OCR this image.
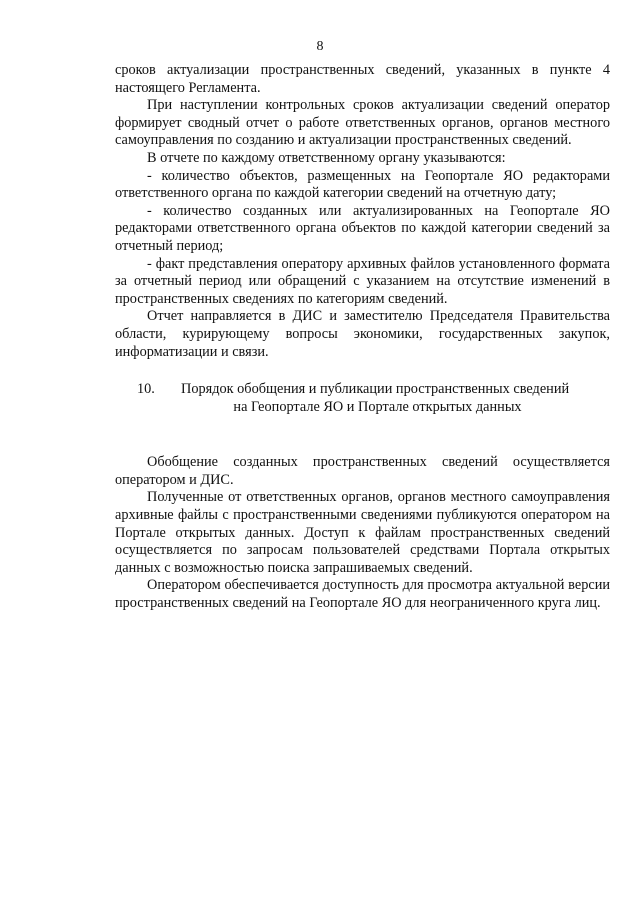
8

сроков актуализации пространственных сведений, указанных в пункте 4 настоящего Регламента.

При наступлении контрольных сроков актуализации сведений оператор формирует сводный отчет о работе ответственных органов, органов местного самоуправления по созданию и актуализации пространственных сведений.

В отчете по каждому ответственному органу указываются:

- количество объектов, размещенных на Геопортале ЯО редакторами ответственного органа по каждой категории сведений на отчетную дату;

- количество созданных или актуализированных на Геопортале ЯО редакторами ответственного органа объектов по каждой категории сведений за отчетный период;

- факт представления оператору архивных файлов установленного формата за отчетный период или обращений с указанием на отсутствие изменений в пространственных сведениях по категориям сведений.

Отчет направляется в ДИС и заместителю Председателя Правительства области, курирующему вопросы экономики, государственных закупок, информатизации и связи.

10. Порядок обобщения и публикации пространственных сведений
на Геопортале ЯО и Портале открытых данных

Обобщение созданных пространственных сведений осуществляется оператором и ДИС.

Полученные от ответственных органов, органов местного самоуправления архивные файлы с пространственными сведениями публикуются оператором на Портале открытых данных. Доступ к файлам пространственных сведений осуществляется по запросам пользователей средствами Портала открытых данных с возможностью поиска запрашиваемых сведений.

Оператором обеспечивается доступность для просмотра актуальной версии пространственных сведений на Геопортале ЯО для неограниченного круга лиц.
